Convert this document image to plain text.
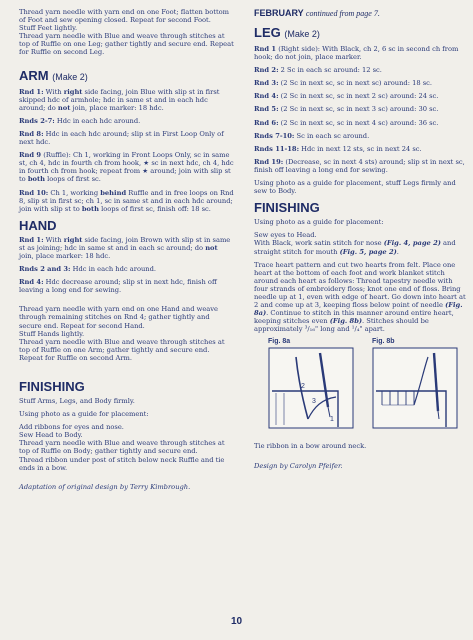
Thread yarn needle with yarn end on one Foot; flatten bottom of Foot and sew opening closed. Repeat for second Foot.

Stuff Feet lightly.

Thread yarn needle with Blue and weave through stitches at top of Ruffle on one Leg; gather tightly and secure end. Repeat for Ruffle on second Leg.

ARM (Make 2)

Rnd 1: With right side facing, join Blue with slip st in first skipped hdc of armhole; hdc in same st and in each hdc around; do not join, place marker: 18 hdc.

Rnds 2-7: Hdc in each hdc around.

Rnd 8: Hdc in each hdc around; slip st in First Loop Only of next hdc.

Rnd 9 (Ruffle): Ch 1, working in Front Loops Only, sc in same st, ch 4, hdc in fourth ch from hook, ★ sc in next hdc, ch 4, hdc in fourth ch from hook; repeat from ★ around; join with slip st to both loops of first sc.

Rnd 10: Ch 1, working behind Ruffle and in free loops on Rnd 8, slip st in first sc; ch 1, sc in same st and in each hdc around; join with slip st to both loops of first sc, finish off: 18 sc.

HAND

Rnd 1: With right side facing, join Brown with slip st in same st as joining; hdc in same st and in each sc around; do not join, place marker: 18 hdc.

Rnds 2 and 3: Hdc in each hdc around.

Rnd 4: Hdc decrease around; slip st in next hdc, finish off leaving a long end for sewing.

Thread yarn needle with yarn end on one Hand and weave through remaining stitches on Rnd 4; gather tightly and secure end. Repeat for second Hand.

Stuff Hands lightly.

Thread yarn needle with Blue and weave through stitches at top of Ruffle on one Arm; gather tightly and secure end. Repeat for Ruffle on second Arm.

FINISHING

Stuff Arms, Legs, and Body firmly.

Using photo as a guide for placement:

Add ribbons for eyes and nose.

Sew Head to Body.

Thread yarn needle with Blue and weave through stitches at top of Ruffle on Body; gather tightly and secure end.

Thread ribbon under post of stitch below neck Ruffle and tie ends in a bow.

Adaptation of original design by Terry Kimbrough.

FEBRUARY continued from page 7.
LEG (Make 2)

Rnd 1 (Right side): With Black, ch 2, 6 sc in second ch from hook; do not join, place marker.

Rnd 2: 2 Sc in each sc around: 12 sc.

Rnd 3: (2 Sc in next sc, sc in next sc) around: 18 sc.

Rnd 4: (2 Sc in next sc, sc in next 2 sc) around: 24 sc.

Rnd 5: (2 Sc in next sc, sc in next 3 sc) around: 30 sc.

Rnd 6: (2 Sc in next sc, sc in next 4 sc) around: 36 sc.

Rnds 7-10: Sc in each sc around.

Rnds 11-18: Hdc in next 12 sts, sc in next 24 sc.

Rnd 19: (Decrease, sc in next 4 sts) around; slip st in next sc, finish off leaving a long end for sewing.

Using photo as a guide for placement, stuff Legs firmly and sew to Body.

FINISHING

Using photo as a guide for placement:

Sew eyes to Head.

With Black, work satin stitch for nose (Fig. 4, page 2) and straight stitch for mouth (Fig. 5, page 2).

Trace heart pattern and cut two hearts from felt. Place one heart at the bottom of each foot and work blanket stitch around each heart as follows: Thread tapestry needle with four strands of embroidery floss; knot one end of floss. Bring needle up at 1, even with edge of heart. Go down into heart at 2 and come up at 3, keeping floss below point of needle (Fig. 8a). Continue to stitch in this manner around entire heart, keeping stitches even (Fig. 8b). Stitches should be approximately ³/₁₆" long and ¹/₄" apart.

Fig. 8a
2
3
1
Fig. 8b

Tie ribbon in a bow around neck.

Design by Carolyn Pfeifer.

10
